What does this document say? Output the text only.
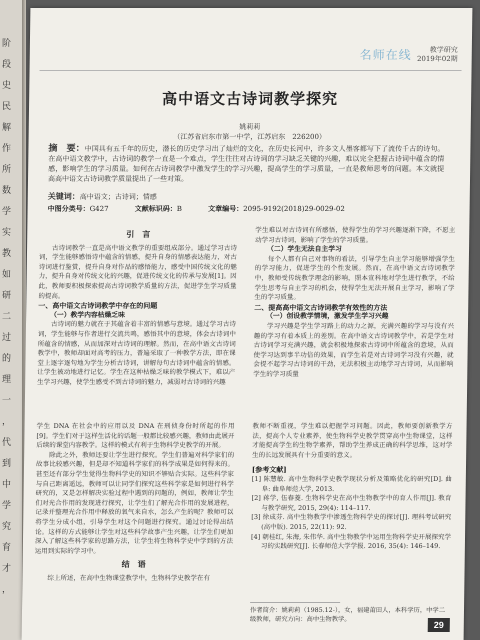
阶
段
史
民
解
作
所
数
学
实
教
如
研
二
过
的
理
一
，
代
到
中
学
究
育
才
，
教学研究
2019年02期
名师在线
高中语文古诗词教学探究
姚莉莉
（江苏省启东市第一中学，江苏启东　226200）
摘　要：中国具有五千年的历史，潜长的历史学习出了灿烂的文化，在历史长河中，许多文人墨客都写下了流传千古的诗句。在高中语文教学中，古诗词的教学一直是一个难点，学生往往对古诗词的学习缺乏关键的兴趣，难以完全把握古诗词中蕴含的情感，影响学生的学习质量。如何在古诗词教学中激发学生的学习兴趣，提高学生的学习质量，一直是教师思考的问题。本文就提高高中语文古诗词教学质量提出了一些对策。
关键词：高中语文；古诗词；情感
中图分类号：G427	文献标识码：B	文章编号：2095-9192(2018)29-0029-02
引　言
古诗词教学一直是高中语文教学的重要组成部分。通过学习古诗词，学生能够感悟诗中蕴含的情感，提升自身的情感表达能力，对古诗词进行鉴赏，提升自身对作品的感悟能力，感受中国传统文化的魅力，提升自身对传统文化的兴趣，促进传统文化的传承与发展[1]。因此，教师要积极探索提高古诗词教学质量的方法，促进学生学习质量的提高。
一、高中语文古诗词教学中存在的问题
（一）教学内容枯燥乏味
古诗词的魅力就在于其蕴含着丰富的情感与意境。通过学习古诗词，学生能够与作者进行交流共鸣，感悟其中的意境，体会古诗词中所蕴含的情感，从而加深对古诗词的理解。然而，在高中语文古诗词教学中，教师却面对高考的压力，普遍采取了一种教学方法，即在课堂上逐字逐句地为学生分析古诗词，讲解每句古诗词中蕴含的情感。让学生被动地进行记忆。学生在这种枯燥乏味的教学模式下，难以产生学习兴趣，使学生感受不到古诗词的魅力，减弱对古诗词的兴趣
学生难以对古诗词有所感悟，使得学生的学习兴趣逐渐下降，不愿主动学习古诗词，影响了学生的学习质量。
（二）学生无法自主学习
每个人都有自己对事物的看法，引导学生自主学习能够增强学生的学习能力，促进学生的个性发展。然而，在高中语文古诗词教学中，教师受传统教学理念的影响，照本宣科地对学生进行教学，不给学生思考与自主学习的机会，使得学生无法开展自主学习，影响了学生的学习质量。
二、提高高中语文古诗词教学有效性的方法
（一）创设教学情境，激发学生学习兴趣
学习兴趣是学生学习路上的动力之源，充满兴趣的学习与没有兴趣的学习有着本质上的差别。在高中语文古诗词教学中，若是学生对古诗词学习充满兴趣，就会积极地探索古诗词中所蕴含的意境，从而使学习达到事半功倍的效果，而学生若是对古诗词学习没有兴趣，就会提不起学习古诗词的干劲，无法积极主动地学习古诗词，从而影响学生的学习质量
学生 DNA 在社会中的应用以及 DNA 在刑侦身份时所起的作用[9]。学生们对于这样生活化的话题一般都比较感兴趣，教师由此展开后续的课堂内容教学。这样的模式有利于生物科学史教学的开展。
除此之外，教师还要让学生进行探究。学生们普遍对科学家们的故事比较感兴趣，但是却不知道科学家们的科学成果是如何得来的。甚至还有部分学生觉得生物科学史的知识不够贴合实际。这些科学家与自己距离遥远，教师可以让同学们探究这些科学家是如何进行科学研究的，又是怎样解决实验过程中遇到的问题的，例如，教师让学生们对光合作用的发现进行探究，让学生们了解光合作用的发展进程，记录并整理光合作用中释放的氧气来自水，怎么产生的呢？教师可以将学生分成小组，引导学生对这个问题进行探究。通过讨论得出结论。这样的方式能够让学生对这些科学故事产生兴趣，让学生们更加深入了解这些科学家的思路方法，让学生将生物科学史中学到的方法运用到实际的学习中。
结　语
综上所述，在高中生物课堂教学中，生物科学史教学在有
教师不断重视，学生难以把握学习问题。因此，教师要创新教学方法，提高个人专业素养，使生物科学史教学贯穿高中生物课堂，这样才能提高学生的生物学素养，帮助学生养成正确的科学思维，这对学生的长远发展具有十分重要的意义。
[参考文献]
[1] 陈慧敏. 高中生物科学史教学现状分析及策略优化的研究[D]. 曲阜: 曲阜师范大学, 2013.
[2] 蒋学, 伍春菱. 生物科学史在高中生物教学中的育人作用[J]. 教育与教学研究, 2015, 29(4): 114–117.
[3] 徐成芬. 高中生物教学中渗透生物科学史的探讨[J]. 理科考试研究(高中版). 2015, 22(11): 92.
[4] 朝桂红, 朱海, 朱伟华. 高中生物教学中运用生物科学史开展探究学习的实践研究[J]. 长春师范大学学报. 2016, 35(4): 146–149.
作者简介：姚莉莉（1985.12-），女，福建莆田人，本科学历，中学二级教师，研究方向：高中生物教学。
29
